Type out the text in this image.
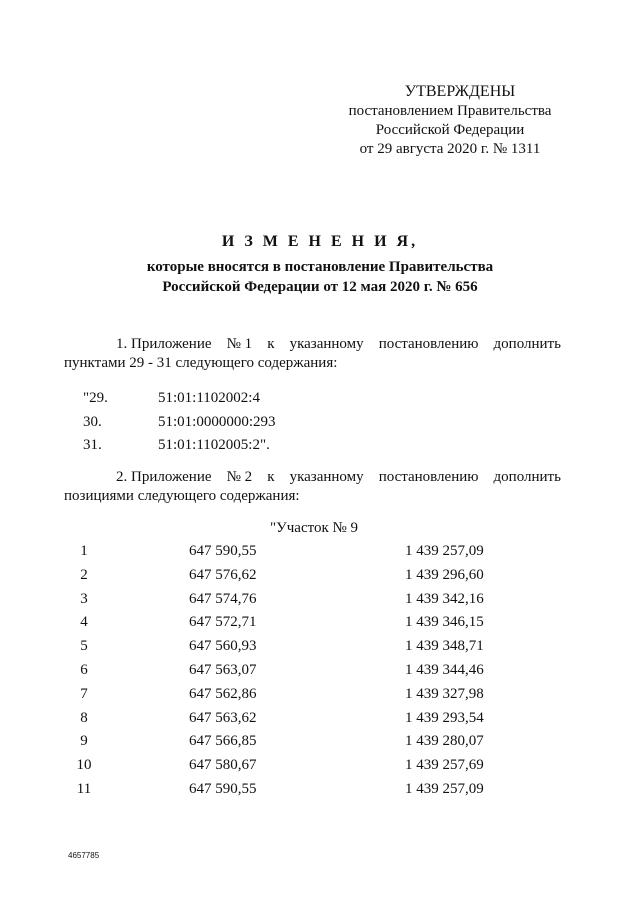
УТВЕРЖДЕНЫ
постановлением Правительства
Российской Федерации
от 29 августа 2020 г. № 1311
И З М Е Н Е Н И Я,
которые вносятся в постановление Правительства
Российской Федерации от 12 мая 2020 г. № 656
1. Приложение № 1 к указанному постановлению дополнить
пунктами 29 - 31 следующего содержания:
"29.	51:01:1102002:4
30.	51:01:0000000:293
31.	51:01:1102005:2".
2. Приложение № 2 к указанному постановлению дополнить
позициями следующего содержания:
"Участок № 9
1	647 590,55	1 439 257,09
2	647 576,62	1 439 296,60
3	647 574,76	1 439 342,16
4	647 572,71	1 439 346,15
5	647 560,93	1 439 348,71
6	647 563,07	1 439 344,46
7	647 562,86	1 439 327,98
8	647 563,62	1 439 293,54
9	647 566,85	1 439 280,07
10	647 580,67	1 439 257,69
11	647 590,55	1 439 257,09
4657785
